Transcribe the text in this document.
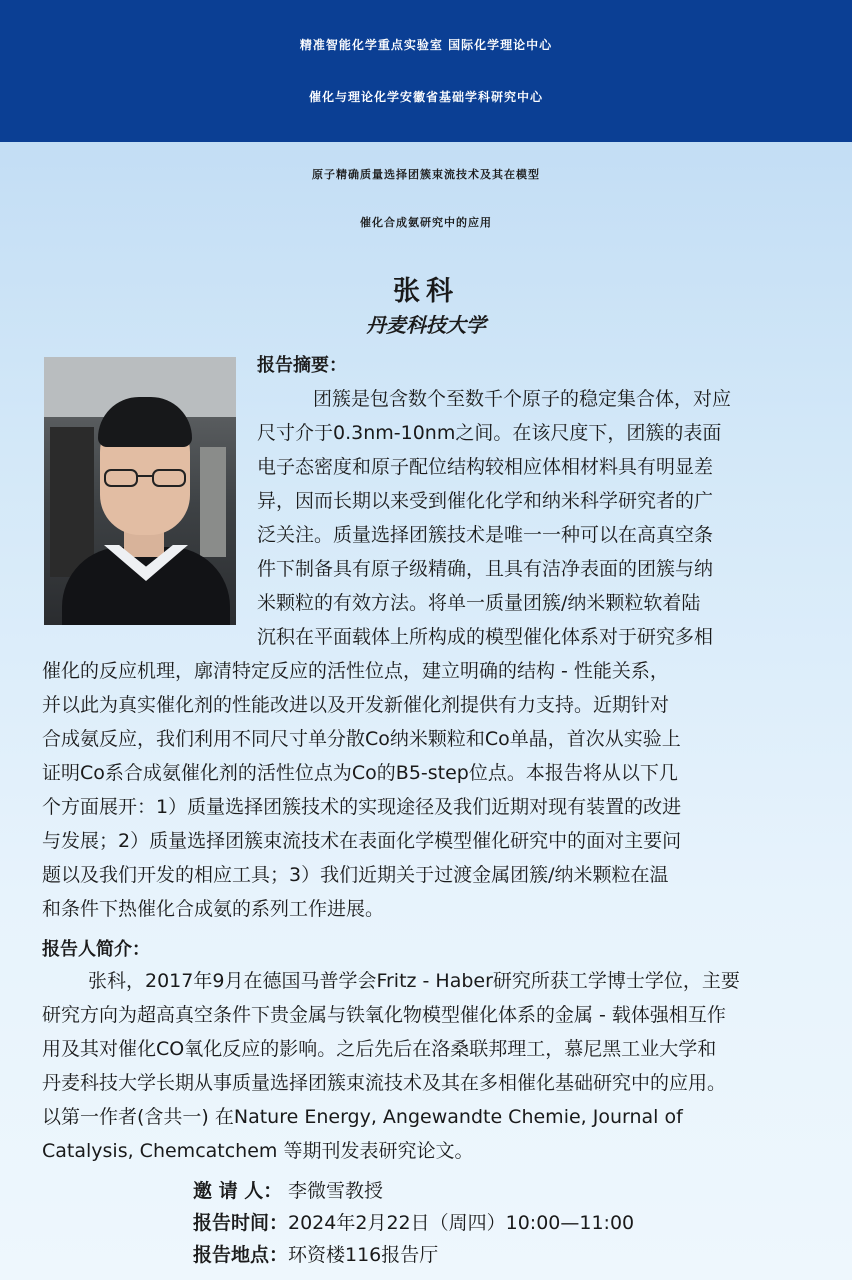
精准智能化学重点实验室 国际化学理论中心
催化与理论化学安徽省基础学科研究中心
原子精确质量选择团簇束流技术及其在模型
催化合成氨研究中的应用
张科
丹麦科技大学
报告摘要：
团簇是包含数个至数千个原子的稳定集合体，对应
尺寸介于0.3nm-10nm之间。在该尺度下，团簇的表面
电子态密度和原子配位结构较相应体相材料具有明显差
异，因而长期以来受到催化化学和纳米科学研究者的广
泛关注。质量选择团簇技术是唯一一种可以在高真空条
件下制备具有原子级精确，且具有洁净表面的团簇与纳
米颗粒的有效方法。将单一质量团簇/纳米颗粒软着陆
沉积在平面载体上所构成的模型催化体系对于研究多相
催化的反应机理，廓清特定反应的活性位点，建立明确的结构 - 性能关系，
并以此为真实催化剂的性能改进以及开发新催化剂提供有力支持。近期针对
合成氨反应，我们利用不同尺寸单分散Co纳米颗粒和Co单晶，首次从实验上
证明Co系合成氨催化剂的活性位点为Co的B5-step位点。本报告将从以下几
个方面展开：1）质量选择团簇技术的实现途径及我们近期对现有装置的改进
与发展；2）质量选择团簇束流技术在表面化学模型催化研究中的面对主要问
题以及我们开发的相应工具；3）我们近期关于过渡金属团簇/纳米颗粒在温
和条件下热催化合成氨的系列工作进展。
报告人简介：
张科，2017年9月在德国马普学会Fritz - Haber研究所获工学博士学位，主要
研究方向为超高真空条件下贵金属与铁氧化物模型催化体系的金属 - 载体强相互作
用及其对催化CO氧化反应的影响。之后先后在洛桑联邦理工，慕尼黑工业大学和
丹麦科技大学长期从事质量选择团簇束流技术及其在多相催化基础研究中的应用。
以第一作者(含共一) 在Nature Energy, Angewandte Chemie, Journal of
Catalysis, Chemcatchem 等期刊发表研究论文。
邀 请 人： 李微雪教授
报告时间：2024年2月22日（周四）10:00—11:00
报告地点：环资楼116报告厅
